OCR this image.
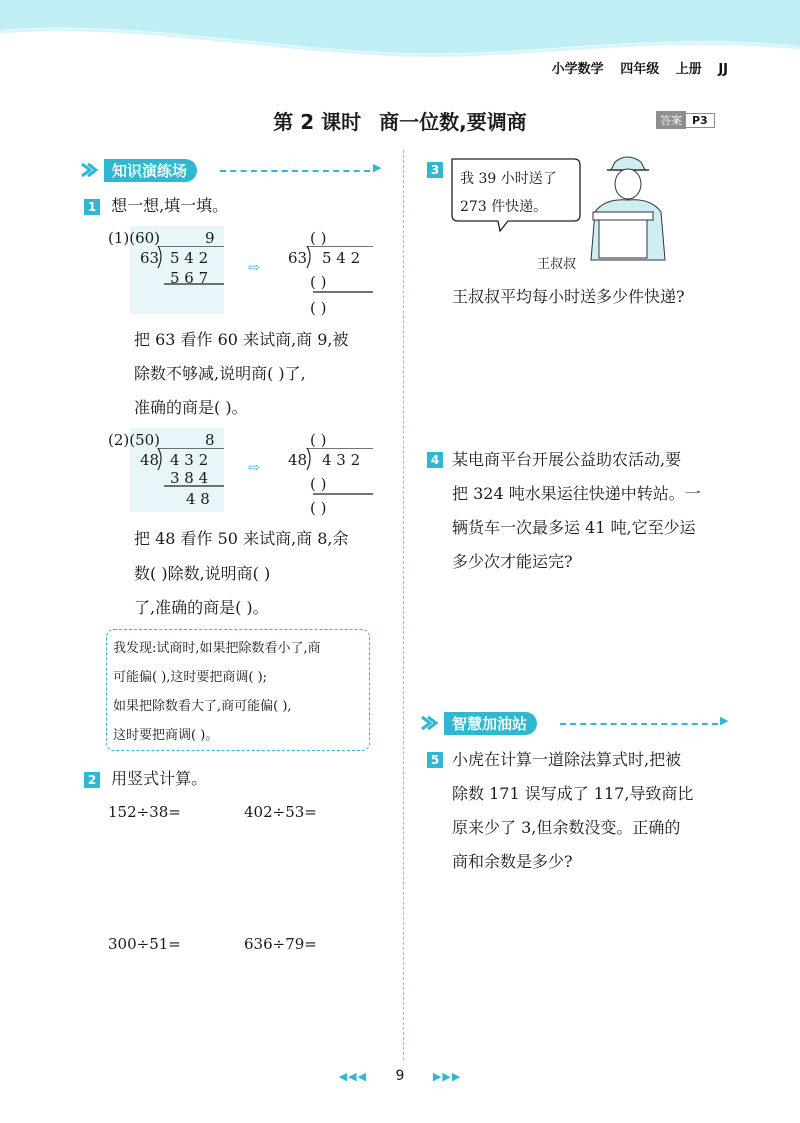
小学数学 四年级 上册 JJ
第 2 课时 商一位数,要调商	答案 P3
知识演练场	▶
1 想一想,填一填。
(1)(60)	9
63 5 4 2
5 6 7
⇨
( )
63 5 4 2
( )
( )
把 63 看作 60 来试商,商 9,被
除数不够减,说明商( )了,
准确的商是( )。
(2)(50)	8
48 4 3 2
3 8 4
4 8
⇨
( )
48 4 3 2
( )
( )
把 48 看作 50 来试商,商 8,余
数( )除数,说明商( )
了,准确的商是( )。
我发现:试商时,如果把除数看小了,商
可能偏( ),这时要把商调( );
如果把除数看大了,商可能偏( ),
这时要把商调( )。
2 用竖式计算。
152÷38=	402÷53=
300÷51=	636÷79=
3
我 39 小时送了
273 件快递。
王叔叔
王叔叔平均每小时送多少件快递?
4 某电商平台开展公益助农活动,要
把 324 吨水果运往快递中转站。一
辆货车一次最多运 41 吨,它至少运
多少次才能运完?
智慧加油站	▶
5 小虎在计算一道除法算式时,把被
除数 171 误写成了 117,导致商比
原来少了 3,但余数没变。正确的
商和余数是多少?
◀◀◀ 9	▶▶▶
